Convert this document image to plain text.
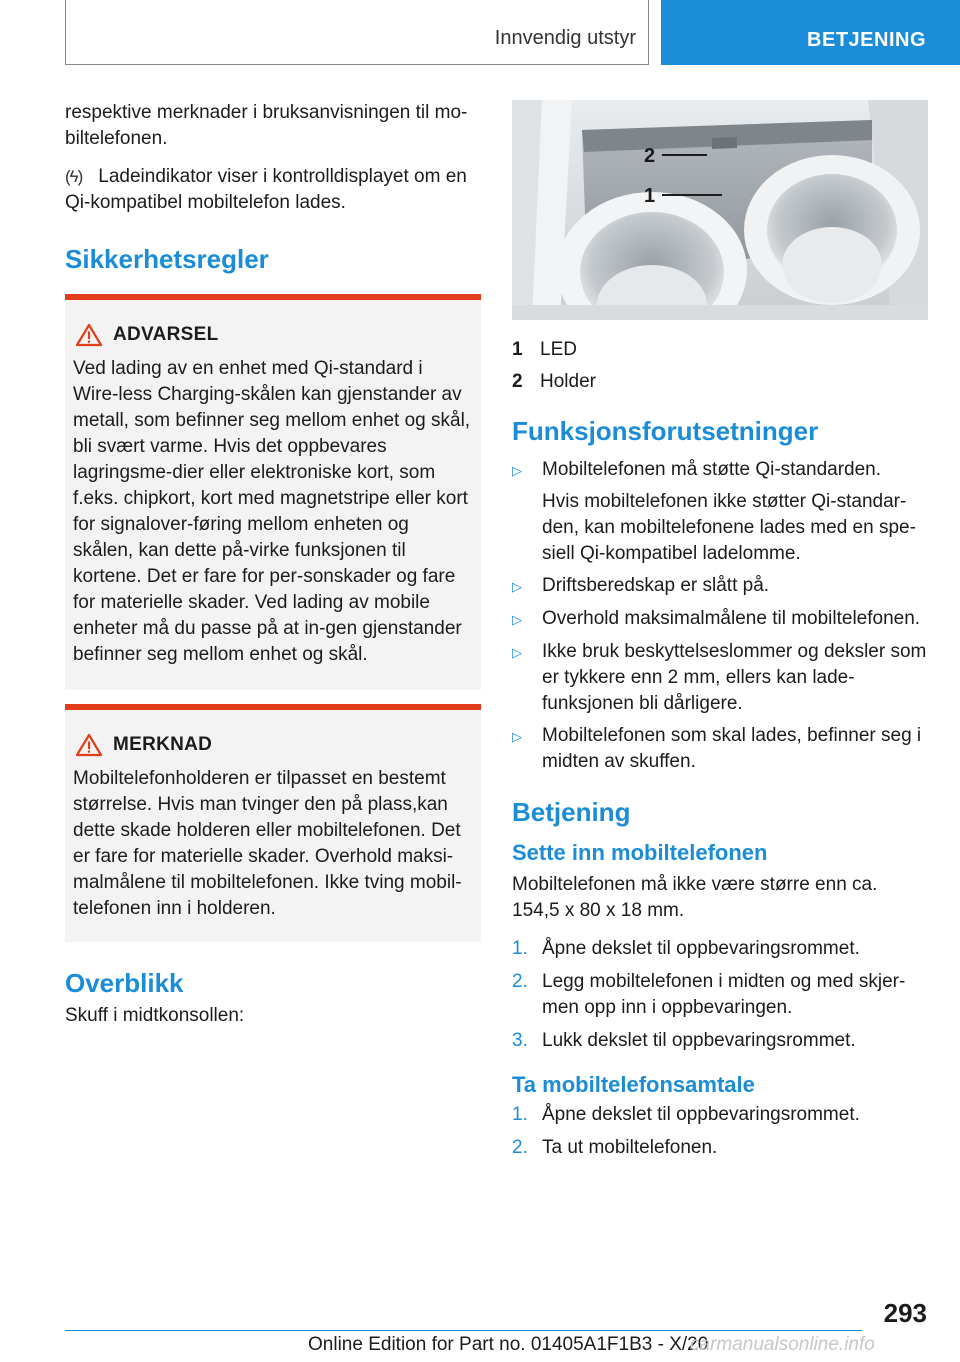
Innvendig utstyr	BETJENING

respektive merknader i bruksanvisningen til mo-biltelefonen.

(ϟ) Ladeindikator viser i kontrolldisplayet om en Qi-kompatibel mobiltelefon lades.

Sikkerhetsregler
ADVARSEL

Ved lading av en enhet med Qi-standard i Wire-less Charging-skålen kan gjenstander av metall, som befinner seg mellom enhet og skål, bli svært varme. Hvis det oppbevares lagringsme-dier eller elektroniske kort, som f.eks. chipkort, kort med magnetstripe eller kort for signalover-føring mellom enheten og skålen, kan dette på-virke funksjonen til kortene. Det er fare for per-sonskader og fare for materielle skader. Ved lading av mobile enheter må du passe på at in-gen gjenstander befinner seg mellom enhet og skål.

MERKNAD

Mobiltelefonholderen er tilpasset en bestemt størrelse. Hvis man tvinger den på plass,kan dette skade holderen eller mobiltelefonen. Det er fare for materielle skader. Overhold maksi-malmålene til mobiltelefonen. Ikke tving mobil-telefonen inn i holderen.

Overblikk

Skuff i midtkonsollen:

2
1
1 LED
2 Holder
Funksjonsforutsetninger
▷	Mobiltelefonen må støtte Qi-standarden.
Hvis mobiltelefonen ikke støtter Qi-standar-den, kan mobiltelefonene lades med en spe-siell Qi-kompatibel ladelomme.
▷	Driftsberedskap er slått på.
▷	Overhold maksimalmålene til mobiltelefonen.
▷	Ikke bruk beskyttelseslommer og deksler som er tykkere enn 2 mm, ellers kan lade-funksjonen bli dårligere.
▷	Mobiltelefonen som skal lades, befinner seg i midten av skuffen.
Betjening
Sette inn mobiltelefonen

Mobiltelefonen må ikke være større enn ca. 154,5 x 80 x 18 mm.

1. Åpne dekslet til oppbevaringsrommet.
2. Legg mobiltelefonen i midten og med skjer-men opp inn i oppbevaringen.
3. Lukk dekslet til oppbevaringsrommet.
Ta mobiltelefonsamtale
1. Åpne dekslet til oppbevaringsrommet.
2. Ta ut mobiltelefonen.
293
Online Edition for Part no. 01405A1F1B3 - X/20
carmanualsonline.info
